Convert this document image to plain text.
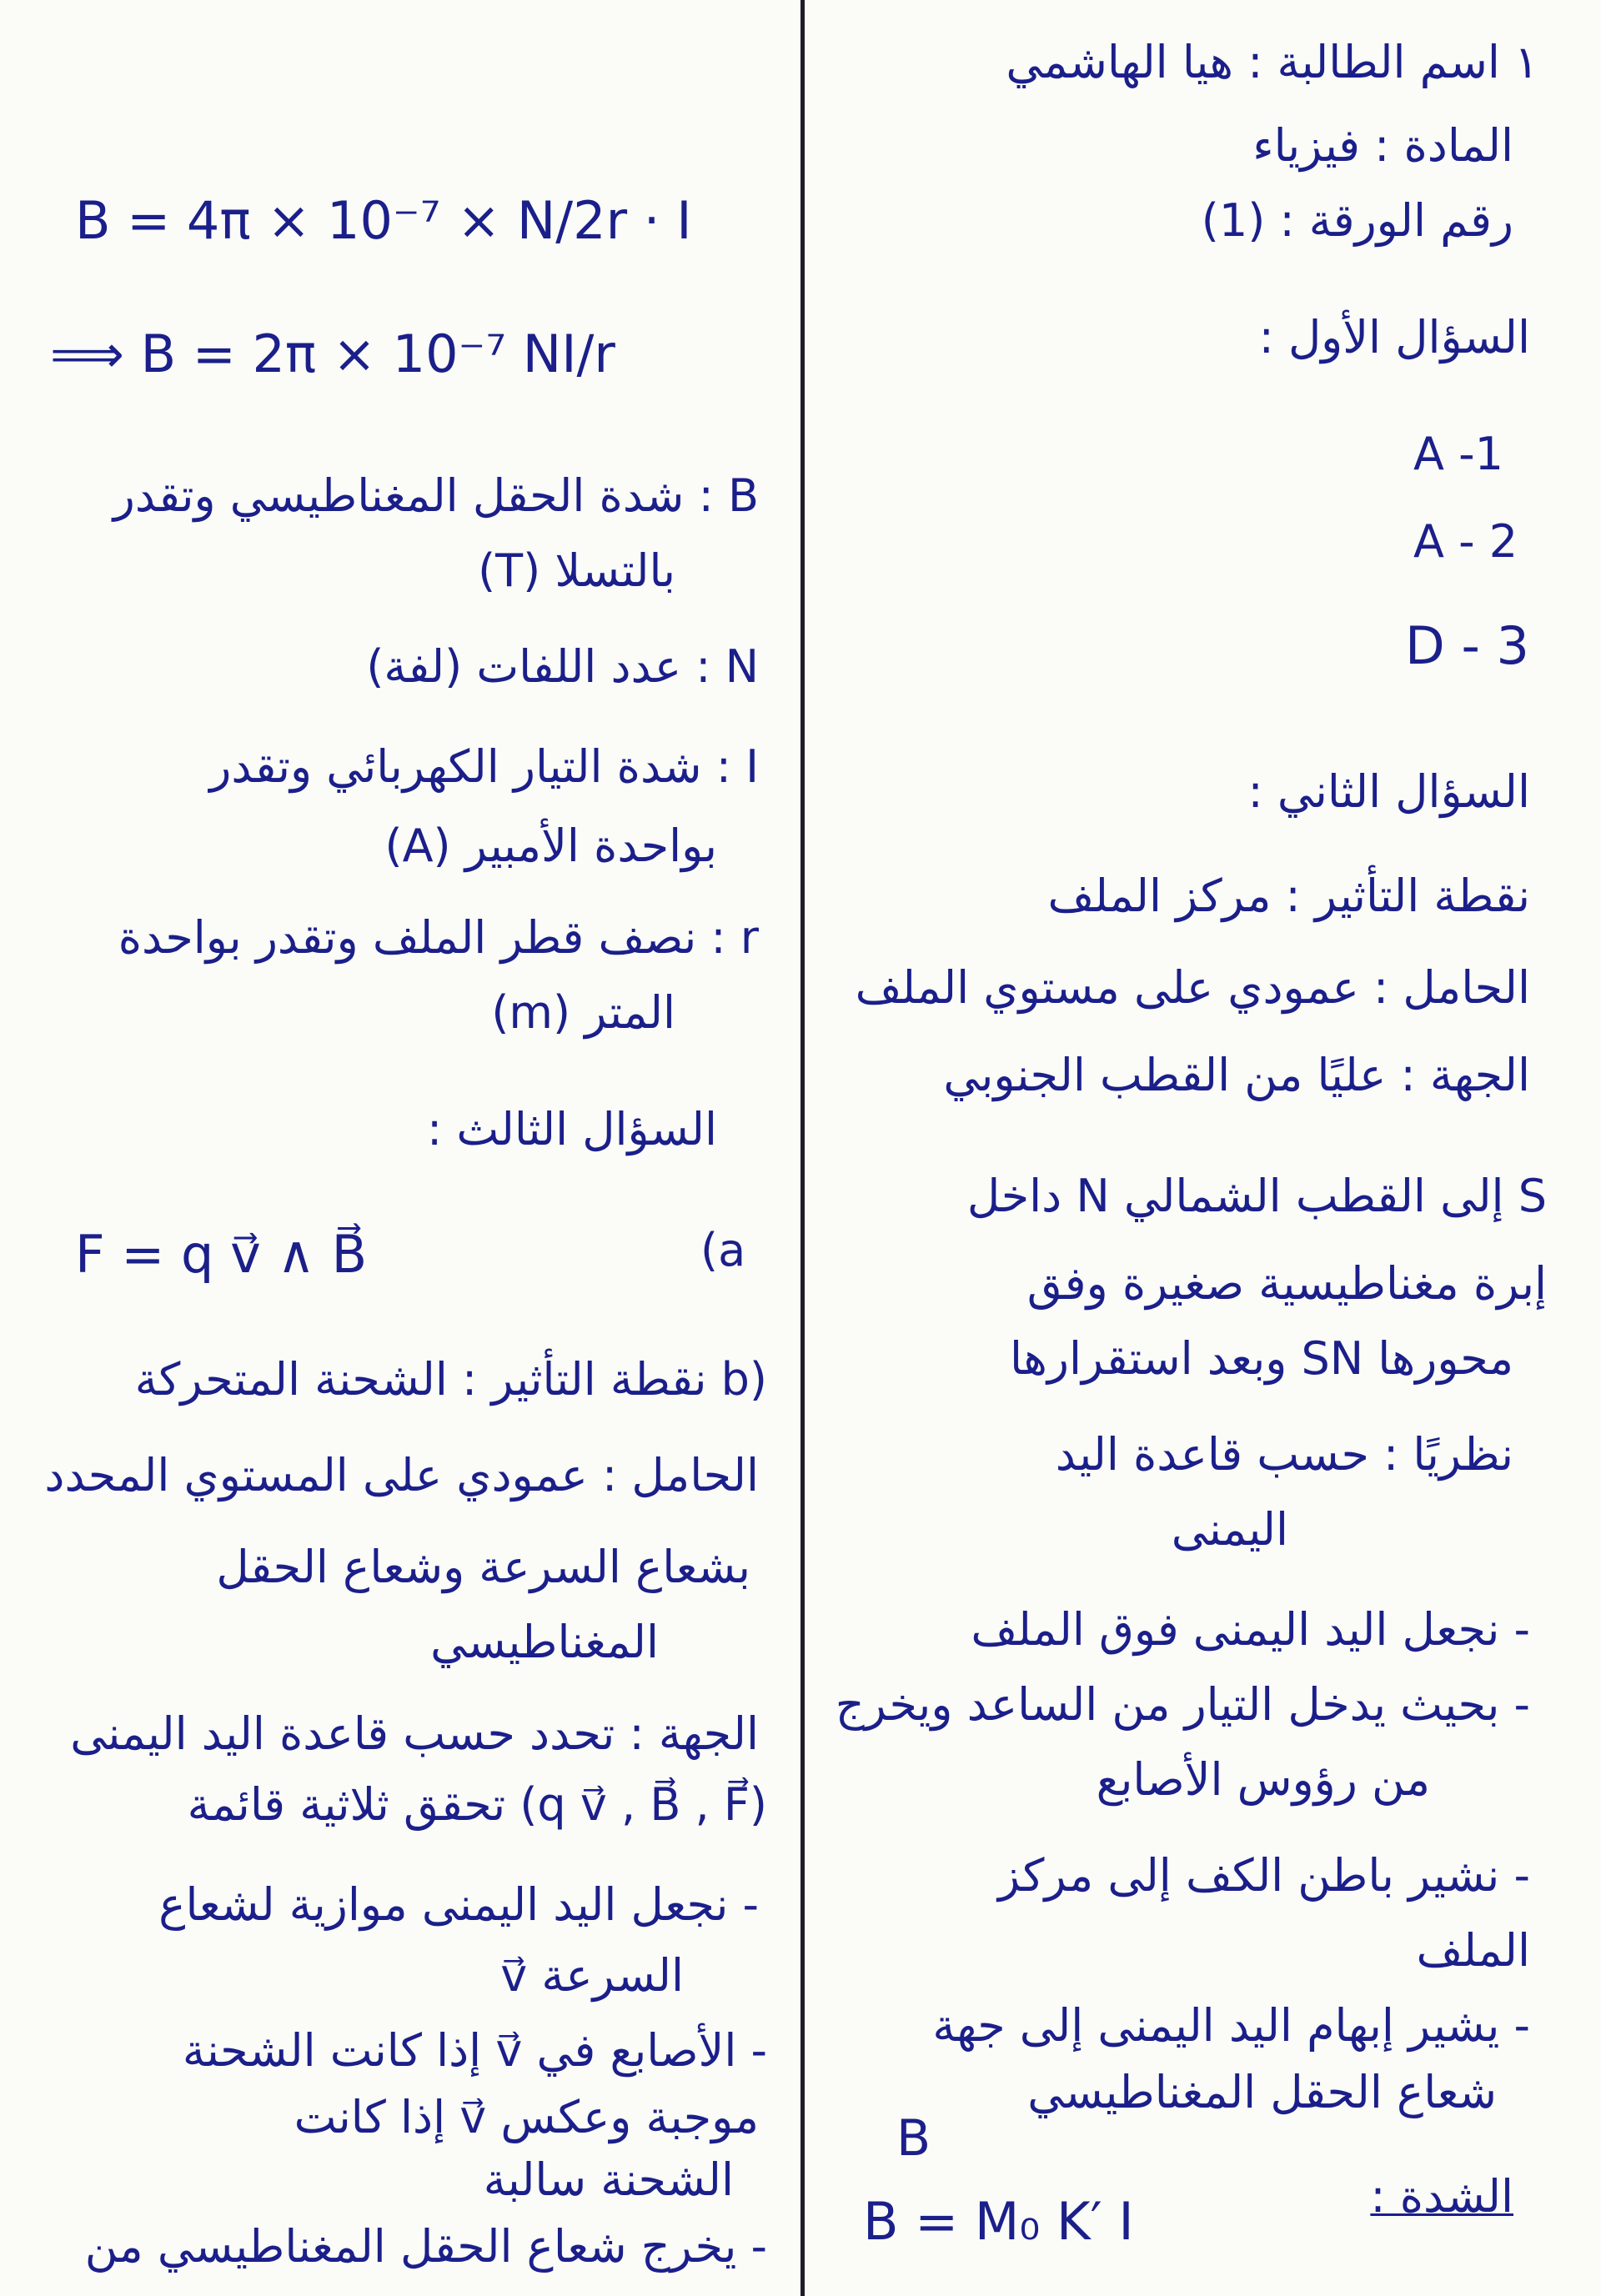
١ اسم الطالبة : هيا الهاشمي
المادة : فيزياء
رقم الورقة : (1)
السؤال الأول :
A -1
A - 2
D - 3
السؤال الثاني :
نقطة التأثير : مركز الملف
الحامل : عمودي على مستوي الملف
الجهة : عليًا من القطب الجنوبي
S إلى القطب الشمالي N داخل
إبرة مغناطيسية صغيرة وفق
محورها SN وبعد استقرارها
نظريًا : حسب قاعدة اليد
اليمنى
- نجعل اليد اليمنى فوق الملف
- بحيث يدخل التيار من الساعد ويخرج
من رؤوس الأصابع
- نشير باطن الكف إلى مركز
الملف
- يشير إبهام اليد اليمنى إلى جهة
شعاع الحقل المغناطيسي
B
الشدة :
B = M₀ K′ I
B = 4π × 10⁻⁷ × N/2r · I
⟹ B = 2π × 10⁻⁷ NI/r
B : شدة الحقل المغناطيسي وتقدر
بالتسلا (T)
N : عدد اللفات (لفة)
I : شدة التيار الكهربائي وتقدر
بواحدة الأمبير (A)
r : نصف قطر الملف وتقدر بواحدة
المتر (m)
السؤال الثالث :
(a
F = q v⃗ ∧ B⃗
(b نقطة التأثير : الشحنة المتحركة
الحامل : عمودي على المستوي المحدد
بشعاع السرعة وشعاع الحقل
المغناطيسي
الجهة : تحدد حسب قاعدة اليد اليمنى
(q v⃗ , B⃗ , F⃗) تحقق ثلاثية قائمة
- نجعل اليد اليمنى موازية لشعاع
السرعة v⃗
- الأصابع في v⃗ إذا كانت الشحنة
موجبة وعكس v⃗ إذا كانت
الشحنة سالبة
- يخرج شعاع الحقل المغناطيسي من
